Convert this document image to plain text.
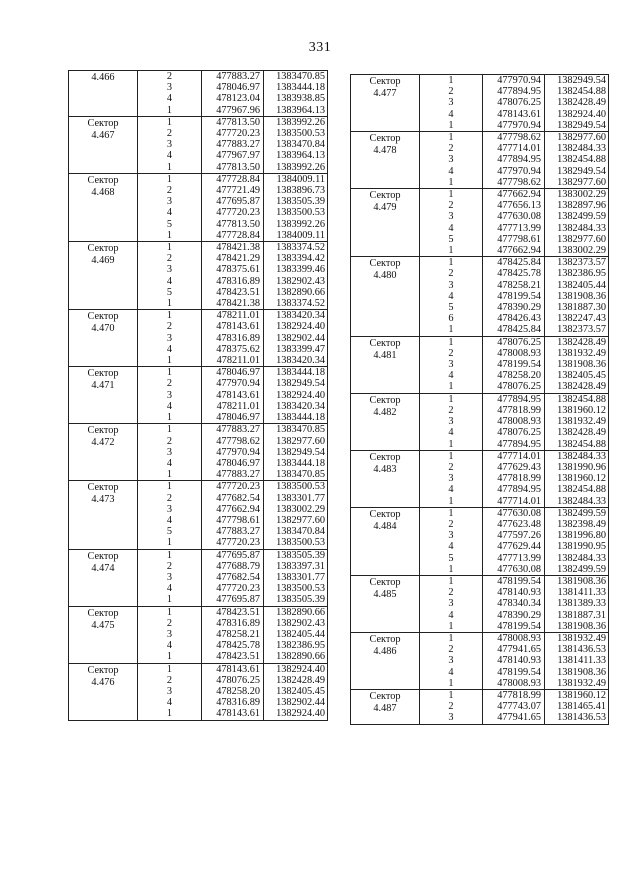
331
4.466	2	477883.27	1383470.85
	3	478046.97	1383444.18
	4	478123.04	1383938.85
	1	477967.96	1383964.13
Сектор
4.467	1	477813.50	1383992.26
	2	477720.23	1383500.53
	3	477883.27	1383470.84
	4	477967.97	1383964.13
	1	477813.50	1383992.26
Сектор
4.468	1	477728.84	1384009.11
	2	477721.49	1383896.73
	3	477695.87	1383505.39
	4	477720.23	1383500.53
	5	477813.50	1383992.26
	1	477728.84	1384009.11
Сектор
4.469	1	478421.38	1383374.52
	2	478421.29	1383394.42
	3	478375.61	1383399.46
	4	478316.89	1382902.43
	5	478423.51	1382890.66
	1	478421.38	1383374.52
Сектор
4.470	1	478211.01	1383420.34
	2	478143.61	1382924.40
	3	478316.89	1382902.44
	4	478375.62	1383399.47
	1	478211.01	1383420.34
Сектор
4.471	1	478046.97	1383444.18
	2	477970.94	1382949.54
	3	478143.61	1382924.40
	4	478211.01	1383420.34
	1	478046.97	1383444.18
Сектор
4.472	1	477883.27	1383470.85
	2	477798.62	1382977.60
	3	477970.94	1382949.54
	4	478046.97	1383444.18
	1	477883.27	1383470.85
Сектор
4.473	1	477720.23	1383500.53
	2	477682.54	1383301.77
	3	477662.94	1383002.29
	4	477798.61	1382977.60
	5	477883.27	1383470.84
	1	477720.23	1383500.53
Сектор
4.474	1	477695.87	1383505.39
	2	477688.79	1383397.31
	3	477682.54	1383301.77
	4	477720.23	1383500.53
	1	477695.87	1383505.39
Сектор
4.475	1	478423.51	1382890.66
	2	478316.89	1382902.43
	3	478258.21	1382405.44
	4	478425.78	1382386.95
	1	478423.51	1382890.66
Сектор
4.476	1	478143.61	1382924.40
	2	478076.25	1382428.49
	3	478258.20	1382405.45
	4	478316.89	1382902.44
	1	478143.61	1382924.40
Сектор
4.477	1	477970.94	1382949.54
	2	477894.95	1382454.88
	3	478076.25	1382428.49
	4	478143.61	1382924.40
	1	477970.94	1382949.54
Сектор
4.478	1	477798.62	1382977.60
	2	477714.01	1382484.33
	3	477894.95	1382454.88
	4	477970.94	1382949.54
	1	477798.62	1382977.60
Сектор
4.479	1	477662.94	1383002.29
	2	477656.13	1382897.96
	3	477630.08	1382499.59
	4	477713.99	1382484.33
	5	477798.61	1382977.60
	1	477662.94	1383002.29
Сектор
4.480	1	478425.84	1382373.57
	2	478425.78	1382386.95
	3	478258.21	1382405.44
	4	478199.54	1381908.36
	5	478390.29	1381887.30
	6	478426.43	1382247.43
	1	478425.84	1382373.57
Сектор
4.481	1	478076.25	1382428.49
	2	478008.93	1381932.49
	3	478199.54	1381908.36
	4	478258.20	1382405.45
	1	478076.25	1382428.49
Сектор
4.482	1	477894.95	1382454.88
	2	477818.99	1381960.12
	3	478008.93	1381932.49
	4	478076.25	1382428.49
	1	477894.95	1382454.88
Сектор
4.483	1	477714.01	1382484.33
	2	477629.43	1381990.96
	3	477818.99	1381960.12
	4	477894.95	1382454.88
	1	477714.01	1382484.33
Сектор
4.484	1	477630.08	1382499.59
	2	477623.48	1382398.49
	3	477597.26	1381996.80
	4	477629.44	1381990.95
	5	477713.99	1382484.33
	1	477630.08	1382499.59
Сектор
4.485	1	478199.54	1381908.36
	2	478140.93	1381411.33
	3	478340.34	1381389.33
	4	478390.29	1381887.31
	1	478199.54	1381908.36
Сектор
4.486	1	478008.93	1381932.49
	2	477941.65	1381436.53
	3	478140.93	1381411.33
	4	478199.54	1381908.36
	1	478008.93	1381932.49
Сектор
4.487	1	477818.99	1381960.12
	2	477743.07	1381465.41
	3	477941.65	1381436.53
